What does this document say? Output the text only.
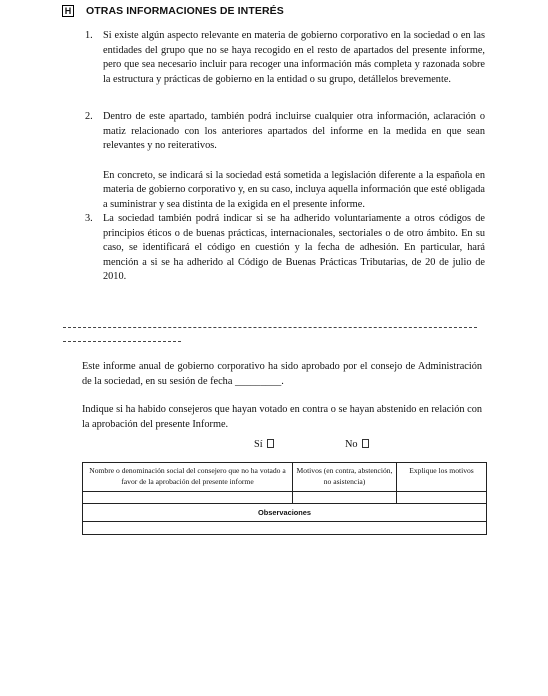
H OTRAS INFORMACIONES DE INTERÉS
1. Si existe algún aspecto relevante en materia de gobierno corporativo en la sociedad o en las entidades del grupo que no se haya recogido en el resto de apartados del presente informe, pero que sea necesario incluir para recoger una información más completa y razonada sobre la estructura y prácticas de gobierno en la entidad o su grupo, detállelos brevemente.

2. Dentro de este apartado, también podrá incluirse cualquier otra información, aclaración o matiz relacionado con los anteriores apartados del informe en la medida en que sean relevantes y no reiterativos.

En concreto, se indicará si la sociedad está sometida a legislación diferente a la española en materia de gobierno corporativo y, en su caso, incluya aquella información que esté obligada a suministrar y sea distinta de la exigida en el presente informe.

3. La sociedad también podrá indicar si se ha adherido voluntariamente a otros códigos de principios éticos o de buenas prácticas, internacionales, sectoriales o de otro ámbito. En su caso, se identificará el código en cuestión y la fecha de adhesión. En particular, hará mención a si se ha adherido al Código de Buenas Prácticas Tributarias, de 20 de julio de 2010.

Este informe anual de gobierno corporativo ha sido aprobado por el consejo de Administración de la sociedad, en su sesión de fecha _________.

Indique si ha habido consejeros que hayan votado en contra o se hayan abstenido en relación con la aprobación del presente Informe.

Sí	No
Nombre o denominación social del consejero que no ha votado a favor de la aprobación del presente informe	Motivos (en contra, abstención, no asistencia)	Explique los motivos

Observaciones		
